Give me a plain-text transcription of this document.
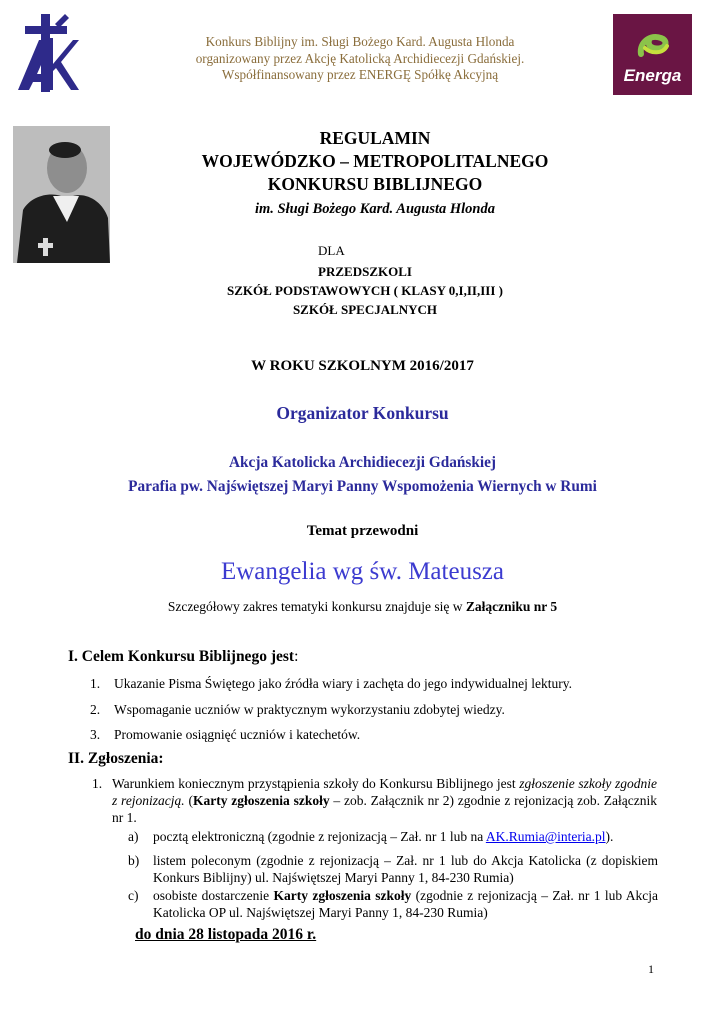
Konkurs Biblijny im. Sługi Bożego Kard. Augusta Hlonda
organizowany przez Akcję Katolicką Archidiecezji Gdańskiej.
Współfinansowany przez ENERGĘ Spółkę Akcyjną	Energa
REGULAMIN
WOJEWÓDZKO – METROPOLITALNEGO
KONKURSU BIBLIJNEGO
im. Sługi Bożego Kard. Augusta Hlonda
DLA
PRZEDSZKOLI
SZKÓŁ PODSTAWOWYCH ( KLASY 0,I,II,III )
SZKÓŁ SPECJALNYCH
W ROKU SZKOLNYM 2016/2017
Organizator Konkursu
Akcja Katolicka Archidiecezji Gdańskiej
Parafia pw. Najświętszej Maryi Panny Wspomożenia Wiernych w Rumi
Temat przewodni
Ewangelia wg św. Mateusza
Szczegółowy zakres tematyki konkursu znajduje się w Załączniku nr 5
I. Celem Konkursu Biblijnego jest:
1. Ukazanie Pisma Świętego jako źródła wiary i zachęta do jego indywidualnej lektury.
2. Wspomaganie uczniów w praktycznym wykorzystaniu zdobytej wiedzy.
3. Promowanie osiągnięć uczniów i katechetów.
II. Zgłoszenia:
1. Warunkiem koniecznym przystąpienia szkoły do Konkursu Biblijnego jest zgłoszenie szkoły zgodnie z rejonizacją. (Karty zgłoszenia szkoły – zob. Załącznik nr 2) zgodnie z rejonizacją zob. Załącznik nr 1.
a) pocztą elektroniczną (zgodnie z rejonizacją – Zał. nr 1 lub na AK.Rumia@interia.pl).
b) listem poleconym (zgodnie z rejonizacją – Zał. nr 1 lub do Akcja Katolicka (z dopiskiem Konkurs Biblijny) ul. Najświętszej Maryi Panny 1, 84-230 Rumia)
c) osobiste dostarczenie Karty zgłoszenia szkoły (zgodnie z rejonizacją – Zał. nr 1 lub Akcja Katolicka OP ul. Najświętszej Maryi Panny 1, 84-230 Rumia)
do dnia 28 listopada 2016 r.
1
